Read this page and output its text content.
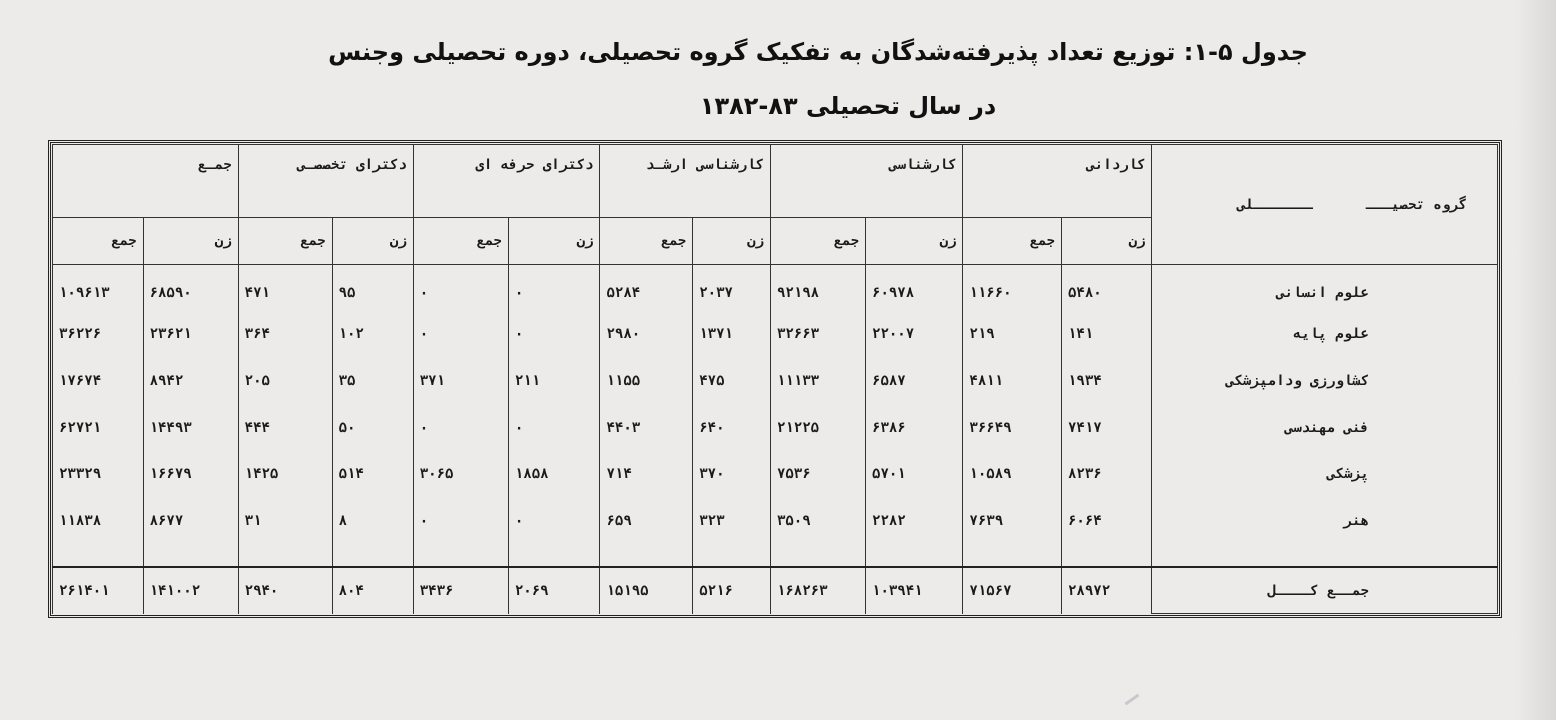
جدول ۵-۱: توزیع تعداد پذیرفته‌شدگان به تفکیک گروه تحصیلی، دوره تحصیلی وجنس
در سال تحصیلی ۸۳-۱۳۸۲
گروه تحصیـــ
ـــــــلی	کاردانی		کارشناسی		کارشناسی ارشـد		دکترای حرفه ای		دکترای تخصصـی		جمـع	
	زن	جمع	زن	جمع	زن	جمع	زن	جمع	زن	جمع	زن	جمع
علوم انسانی	۵۴۸۰	۱۱۶۶۰	۶۰۹۷۸	۹۲۱۹۸	۲۰۳۷	۵۲۸۴	۰	۰	۹۵	۴۷۱	۶۸۵۹۰	۱۰۹۶۱۳
علوم پایه	۱۴۱	۲۱۹	۲۲۰۰۷	۳۲۶۶۳	۱۳۷۱	۲۹۸۰	۰	۰	۱۰۲	۳۶۴	۲۳۶۲۱	۳۶۲۲۶
کشاورزی ودامپزشکی	۱۹۳۴	۴۸۱۱	۶۵۸۷	۱۱۱۳۳	۴۷۵	۱۱۵۵	۲۱۱	۳۷۱	۳۵	۲۰۵	۸۹۴۲	۱۷۶۷۴
فنی مهندسی	۷۴۱۷	۳۶۶۴۹	۶۳۸۶	۲۱۲۲۵	۶۴۰	۴۴۰۳	۰	۰	۵۰	۴۴۴	۱۴۴۹۳	۶۲۷۲۱
پزشکی	۸۲۳۶	۱۰۵۸۹	۵۷۰۱	۷۵۳۶	۳۷۰	۷۱۴	۱۸۵۸	۳۰۶۵	۵۱۴	۱۴۲۵	۱۶۶۷۹	۲۳۳۲۹
هنر	۶۰۶۴	۷۶۳۹	۲۲۸۲	۳۵۰۹	۳۲۳	۶۵۹	۰	۰	۸	۳۱	۸۶۷۷	۱۱۸۳۸

جمــع کــــل	۲۸۹۷۲	۷۱۵۶۷	۱۰۳۹۴۱	۱۶۸۲۶۳	۵۲۱۶	۱۵۱۹۵	۲۰۶۹	۳۴۳۶	۸۰۴	۲۹۴۰	۱۴۱۰۰۲	۲۶۱۴۰۱
